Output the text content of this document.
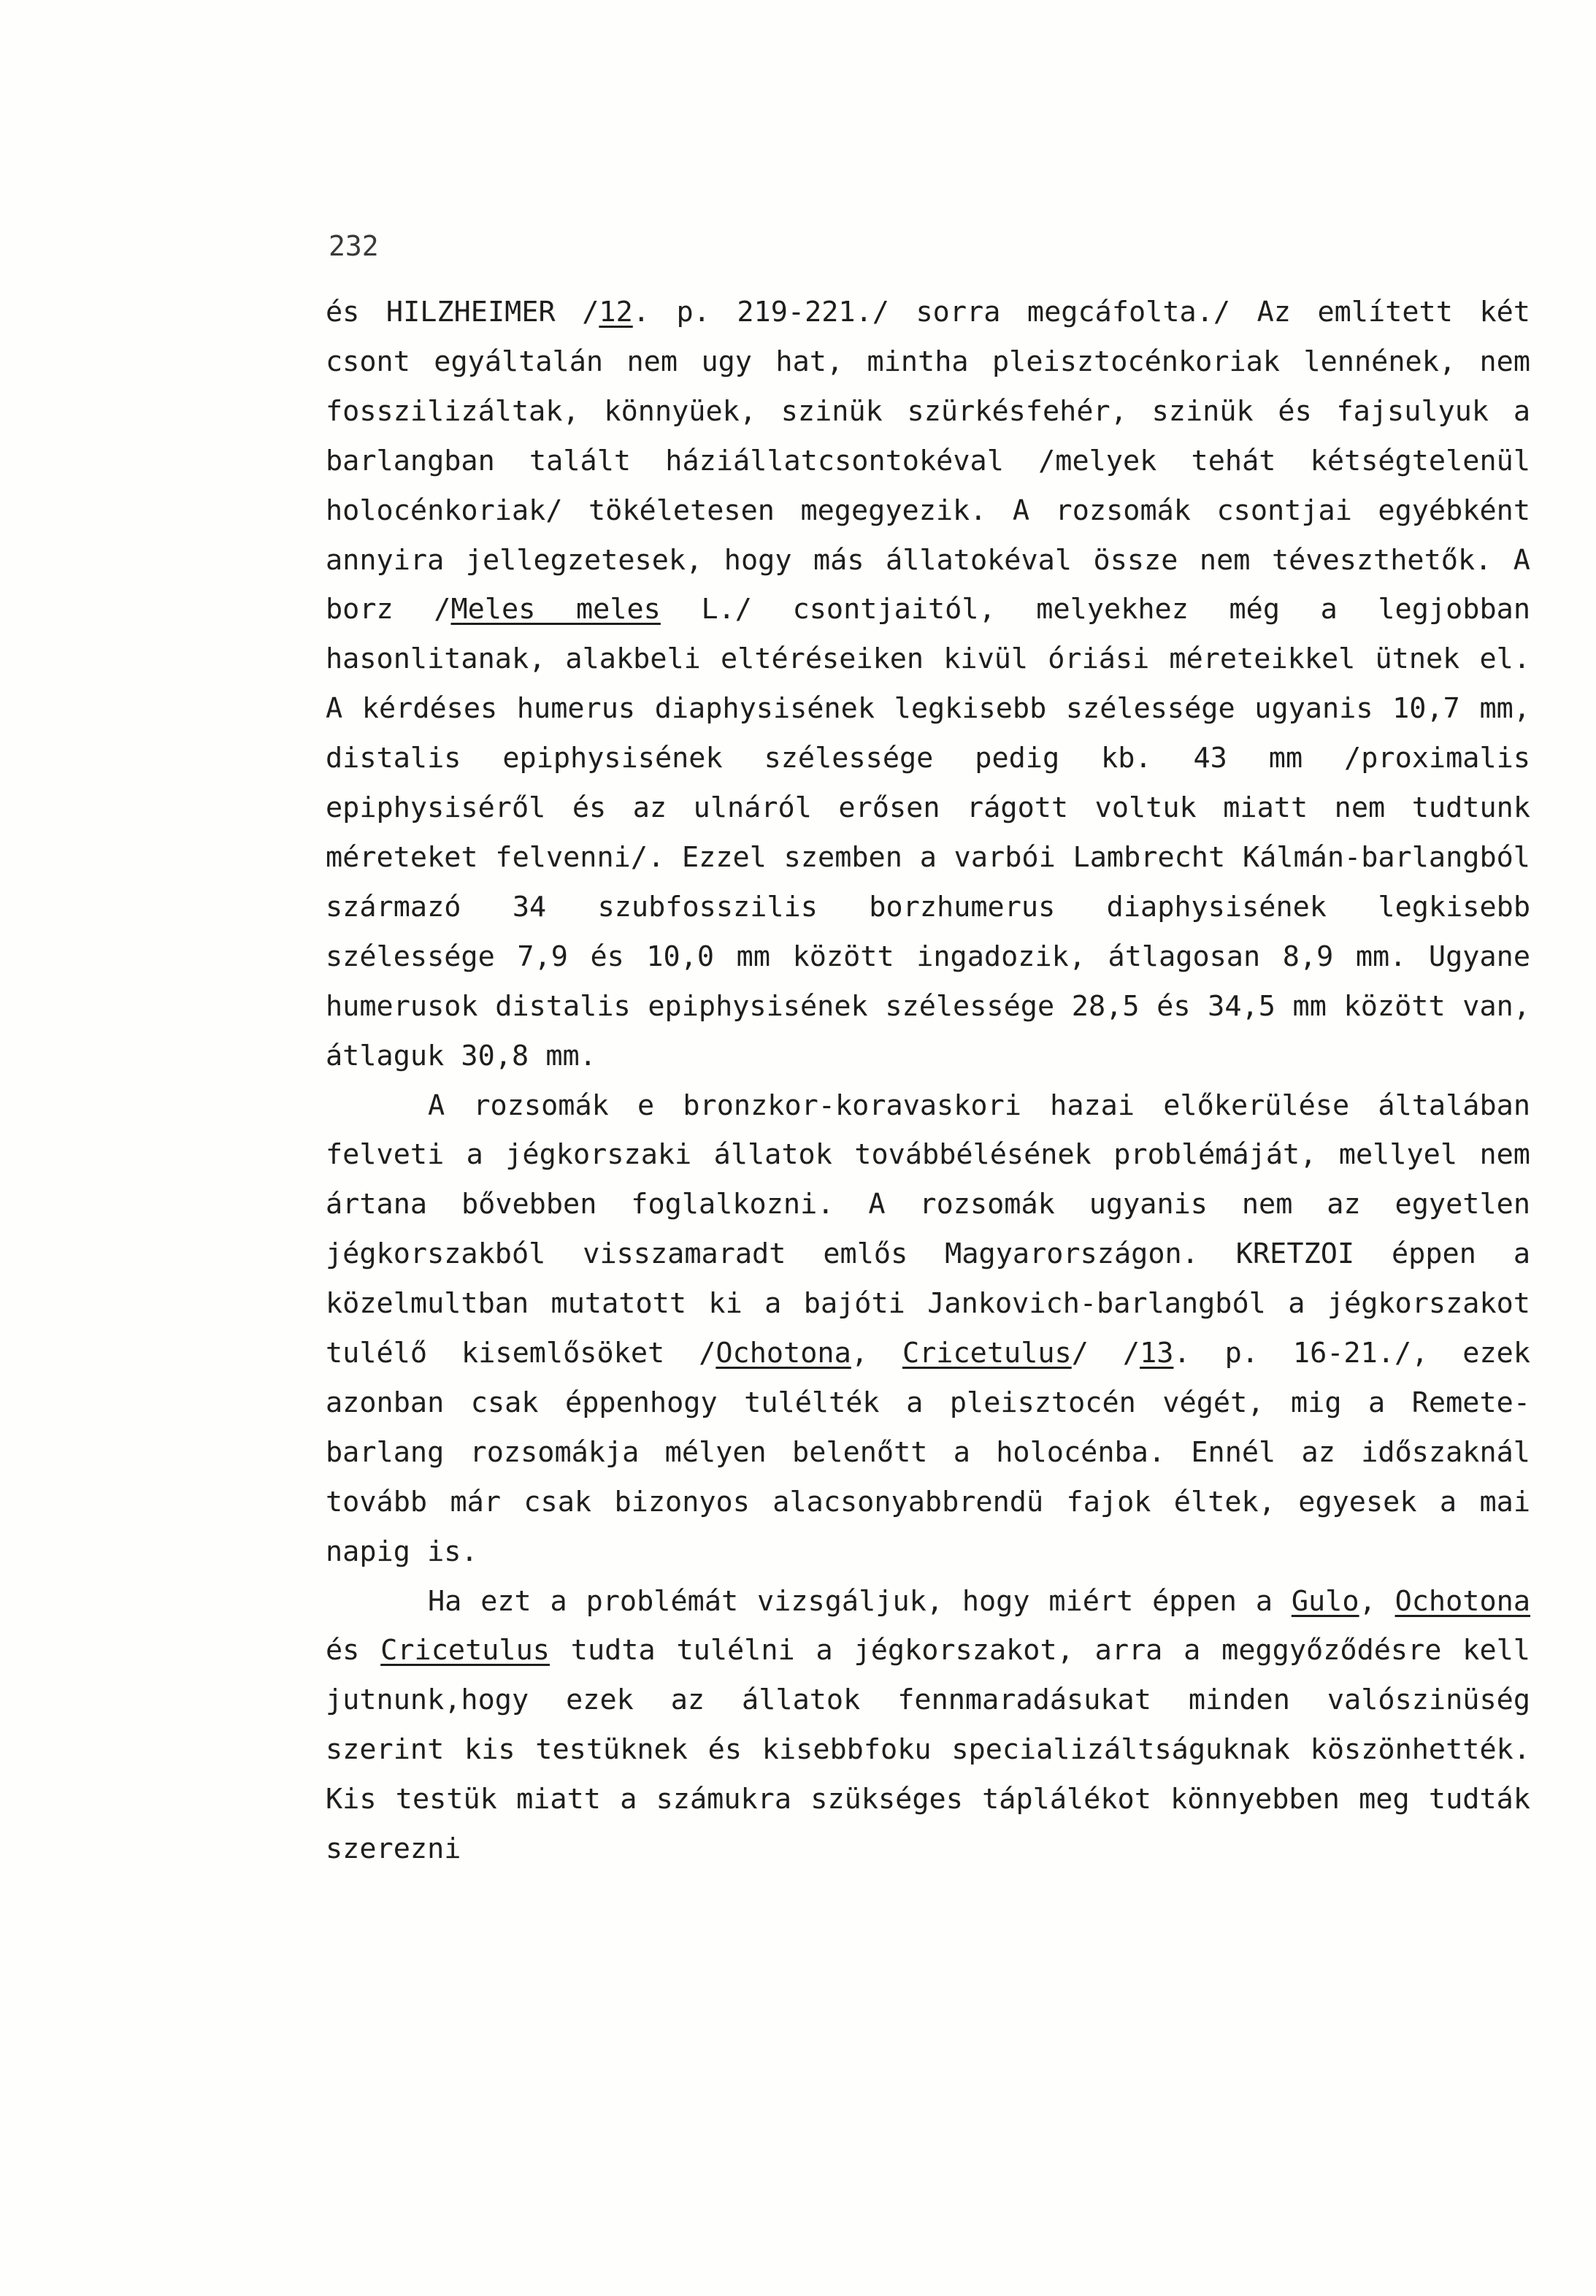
232

és HILZHEIMER /12. p. 219-221./ sorra megcáfolta./ Az említett két csont egyáltalán nem ugy hat, mintha pleisztocénkoriak lennének, nem fosszilizáltak, könnyüek, szinük szürkésfehér, szinük és fajsulyuk a barlangban talált háziállatcsontokéval /melyek tehát kétségtelenül holocénkoriak/ tökéletesen megegyezik. A rozsomák csontjai egyébként annyira jellegzetesek, hogy más állatokéval össze nem téveszthetők. A borz /Meles meles L./ csontjaitól, melyekhez még a legjobban hasonlitanak, alakbeli eltéréseiken kivül óriási méreteikkel ütnek el. A kérdéses humerus diaphysisének legkisebb szélessége ugyanis 10,7 mm, distalis epiphysisének szélessége pedig kb. 43 mm /proximalis epiphysiséről és az ulnáról erősen rágott voltuk miatt nem tudtunk méreteket felvenni/. Ezzel szemben a varbói Lambrecht Kálmán-barlangból származó 34 szubfosszilis borzhumerus diaphysisének legkisebb szélessége 7,9 és 10,0 mm között ingadozik, átlagosan 8,9 mm. Ugyane humerusok distalis epiphysisének szélessége 28,5 és 34,5 mm között van, átlaguk 30,8 mm.

A rozsomák e bronzkor-koravaskori hazai előkerülése általában felveti a jégkorszaki állatok továbbélésének problémáját, mellyel nem ártana bővebben foglalkozni. A rozsomák ugyanis nem az egyetlen jégkorszakból visszamaradt emlős Magyarországon. KRETZOI éppen a közelmultban mutatott ki a bajóti Jankovich-barlangból a jégkorszakot tulélő kisemlősöket /Ochotona, Cricetulus/ /13. p. 16-21./, ezek azonban csak éppenhogy tulélték a pleisztocén végét, mig a Remete-barlang rozsomákja mélyen belenőtt a holocénba. Ennél az időszaknál tovább már csak bizonyos alacsonyabbrendü fajok éltek, egyesek a mai napig is.

Ha ezt a problémát vizsgáljuk, hogy miért éppen a Gulo, Ochotona és Cricetulus tudta tulélni a jégkorszakot, arra a meggyőződésre kell jutnunk,hogy ezek az állatok fennmaradásukat minden valószinüség szerint kis testüknek és kisebbfoku specializáltságuknak köszönhették. Kis testük miatt a számukra szükséges táplálékot könnyebben meg tudták szerezni
